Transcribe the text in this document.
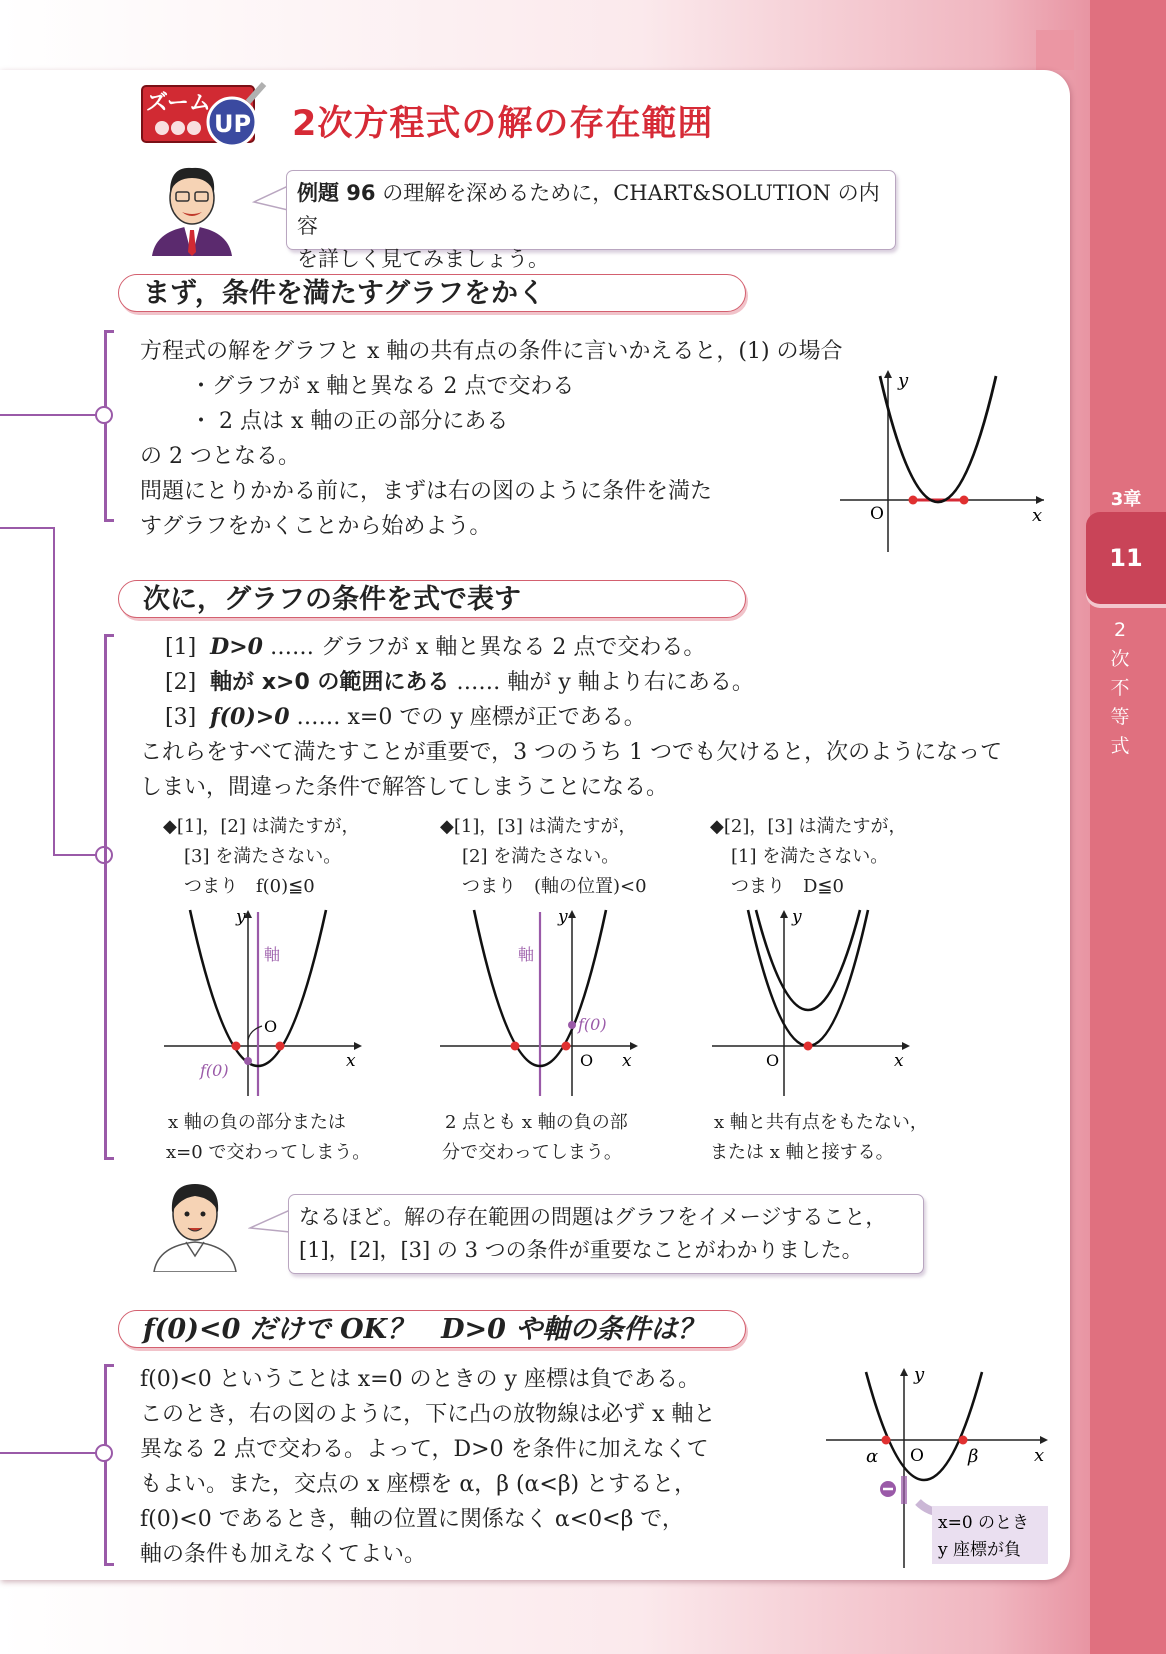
3章
11
2
次
不
等
式
ズーム
UP 2次方程式の解の存在範囲
例題 96 の理解を深めるために，CHART&SOLUTION の内容
を詳しく見てみましょう。
まず，条件を満たすグラフをかく
方程式の解をグラフと x 軸の共有点の条件に言いかえると，(1) の場合
・グラフが x 軸と異なる 2 点で交わる
・ 2 点は x 軸の正の部分にある
の 2 つとなる。
問題にとりかかる前に，まずは右の図のように条件を満た
すグラフをかくことから始めよう。
y
x
O
次に，グラフの条件を式で表す
[1] D>0 …… グラフが x 軸と異なる 2 点で交わる。
[2] 軸が x>0 の範囲にある …… 軸が y 軸より右にある。
[3] f(0)>0 …… x=0 での y 座標が正である。
これらをすべて満たすことが重要で，3 つのうち 1 つでも欠けると，次のようになって
しまい，間違った条件で解答してしまうことになる。
◆[1]，[2] は満たすが，
[3] を満たさない。
つまり　f(0)≦0
◆[1]，[3] は満たすが，
[2] を満たさない。
つまり　(軸の位置)<0
◆[2]，[3] は満たすが，
[1] を満たさない。
つまり　D≦0
y
x
O
軸
f(0)
y
x
O
軸
f(0)
y
x
O
x 軸の負の部分または
x=0 で交わってしまう。
2 点とも x 軸の負の部
分で交わってしまう。
x 軸と共有点をもたない，
または x 軸と接する。
なるほど。解の存在範囲の問題はグラフをイメージすること，
[1]，[2]，[3] の 3 つの条件が重要なことがわかりました。
f(0)<0 だけで OK？　D>0 や軸の条件は？
f(0)<0 ということは x=0 のときの y 座標は負である。
このとき，右の図のように，下に凸の放物線は必ず x 軸と
異なる 2 点で交わる。よって，D>0 を条件に加えなくて
もよい。また，交点の x 座標を α，β (α<β) とすると，
f(0)<0 であるとき，軸の位置に関係なく α<0<β で，
軸の条件も加えなくてよい。
y
x
O
α	β
x=0 のとき
y 座標が負
